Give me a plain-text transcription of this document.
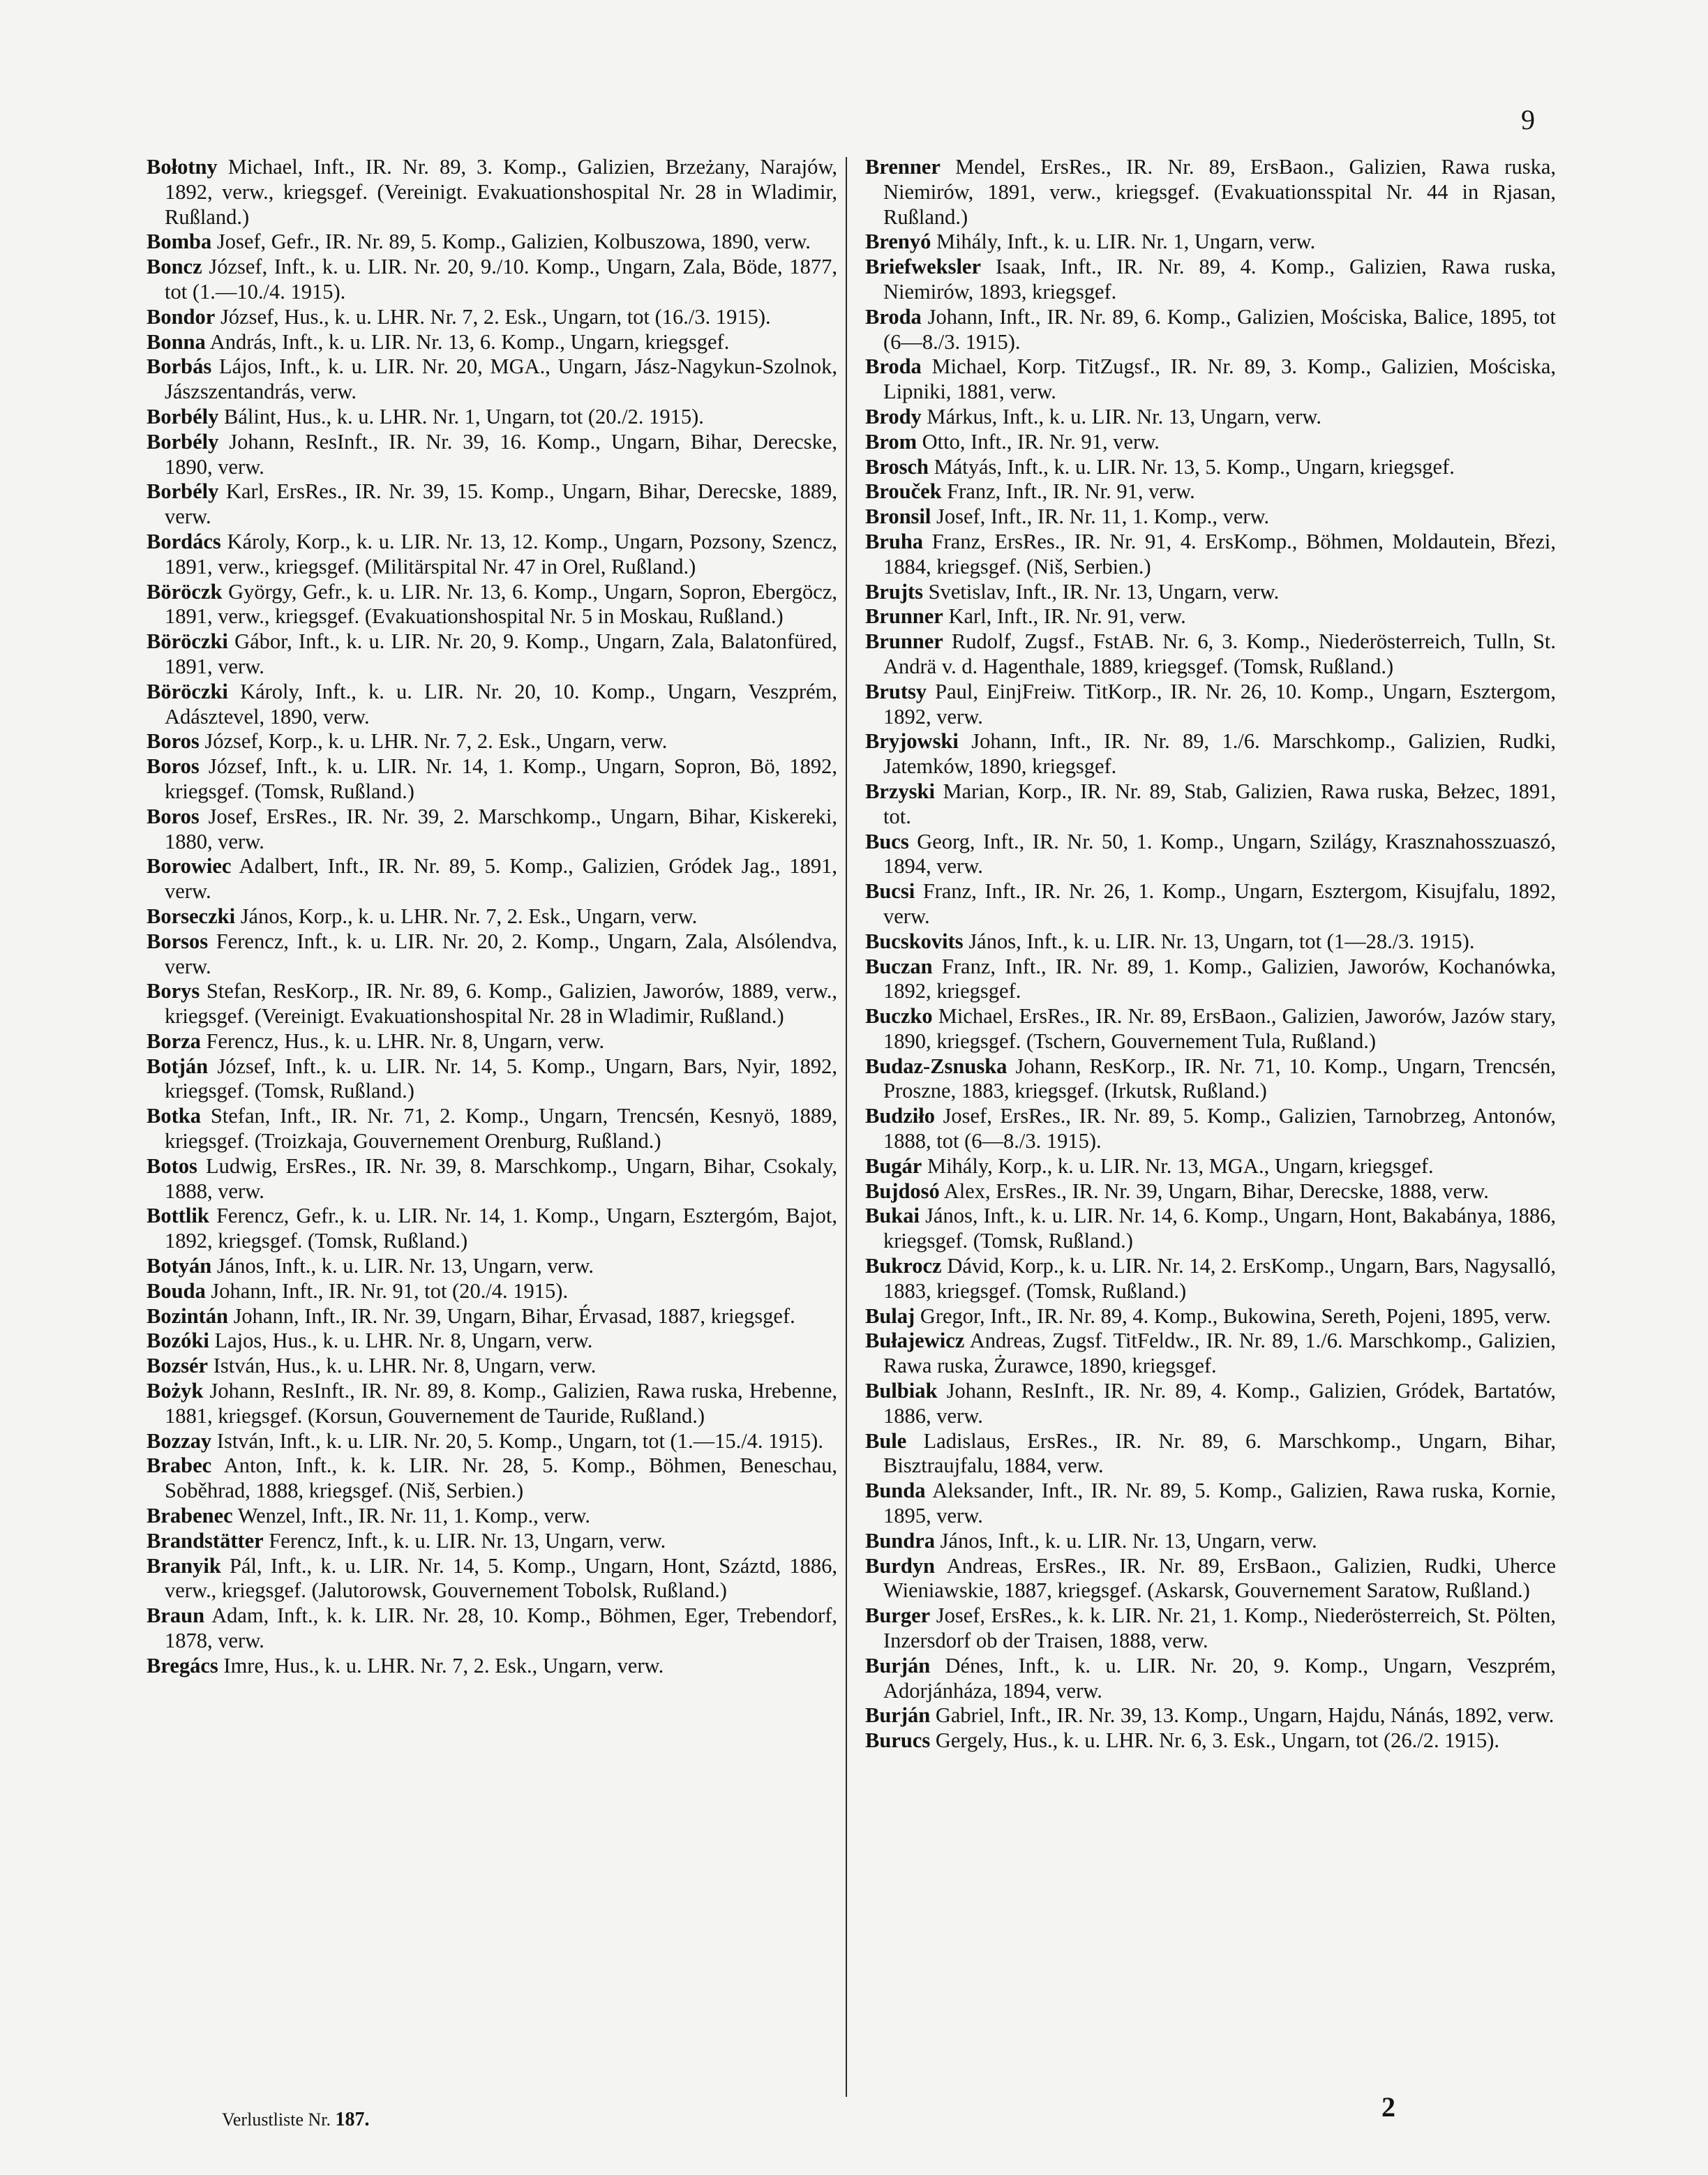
9

Bołotny Michael, Inft., IR. Nr. 89, 3. Komp., Galizien, Brzeżany, Narajów, 1892, verw., kriegsgef. (Vereinigt. Evakuationshospital Nr. 28 in Wladimir, Rußland.)

Bomba Josef, Gefr., IR. Nr. 89, 5. Komp., Galizien, Kolbuszowa, 1890, verw.

Boncz József, Inft., k. u. LIR. Nr. 20, 9./10. Komp., Ungarn, Zala, Böde, 1877, tot (1.—10./4. 1915).

Bondor József, Hus., k. u. LHR. Nr. 7, 2. Esk., Ungarn, tot (16./3. 1915).

Bonna András, Inft., k. u. LIR. Nr. 13, 6. Komp., Ungarn, kriegsgef.

Borbás Lájos, Inft., k. u. LIR. Nr. 20, MGA., Ungarn, Jász-Nagykun-Szolnok, Jászszentandrás, verw.

Borbély Bálint, Hus., k. u. LHR. Nr. 1, Ungarn, tot (20./2. 1915).

Borbély Johann, ResInft., IR. Nr. 39, 16. Komp., Ungarn, Bihar, Derecske, 1890, verw.

Borbély Karl, ErsRes., IR. Nr. 39, 15. Komp., Ungarn, Bihar, Derecske, 1889, verw.

Bordács Károly, Korp., k. u. LIR. Nr. 13, 12. Komp., Ungarn, Pozsony, Szencz, 1891, verw., kriegsgef. (Militärspital Nr. 47 in Orel, Rußland.)

Böröczk György, Gefr., k. u. LIR. Nr. 13, 6. Komp., Ungarn, Sopron, Ebergöcz, 1891, verw., kriegsgef. (Evakuationshospital Nr. 5 in Moskau, Rußland.)

Böröczki Gábor, Inft., k. u. LIR. Nr. 20, 9. Komp., Ungarn, Zala, Balatonfüred, 1891, verw.

Böröczki Károly, Inft., k. u. LIR. Nr. 20, 10. Komp., Ungarn, Veszprém, Adásztevel, 1890, verw.

Boros József, Korp., k. u. LHR. Nr. 7, 2. Esk., Ungarn, verw.

Boros József, Inft., k. u. LIR. Nr. 14, 1. Komp., Ungarn, Sopron, Bö, 1892, kriegsgef. (Tomsk, Rußland.)

Boros Josef, ErsRes., IR. Nr. 39, 2. Marschkomp., Ungarn, Bihar, Kiskereki, 1880, verw.

Borowiec Adalbert, Inft., IR. Nr. 89, 5. Komp., Galizien, Gródek Jag., 1891, verw.

Borseczki János, Korp., k. u. LHR. Nr. 7, 2. Esk., Ungarn, verw.

Borsos Ferencz, Inft., k. u. LIR. Nr. 20, 2. Komp., Ungarn, Zala, Alsólendva, verw.

Borys Stefan, ResKorp., IR. Nr. 89, 6. Komp., Galizien, Jaworów, 1889, verw., kriegsgef. (Vereinigt. Evakuationshospital Nr. 28 in Wladimir, Rußland.)

Borza Ferencz, Hus., k. u. LHR. Nr. 8, Ungarn, verw.

Botján József, Inft., k. u. LIR. Nr. 14, 5. Komp., Ungarn, Bars, Nyir, 1892, kriegsgef. (Tomsk, Rußland.)

Botka Stefan, Inft., IR. Nr. 71, 2. Komp., Ungarn, Trencsén, Kesnyö, 1889, kriegsgef. (Troizkaja, Gouvernement Orenburg, Rußland.)

Botos Ludwig, ErsRes., IR. Nr. 39, 8. Marschkomp., Ungarn, Bihar, Csokaly, 1888, verw.

Bottlik Ferencz, Gefr., k. u. LIR. Nr. 14, 1. Komp., Ungarn, Esztergóm, Bajot, 1892, kriegsgef. (Tomsk, Rußland.)

Botyán János, Inft., k. u. LIR. Nr. 13, Ungarn, verw.

Bouda Johann, Inft., IR. Nr. 91, tot (20./4. 1915).

Bozintán Johann, Inft., IR. Nr. 39, Ungarn, Bihar, Érvasad, 1887, kriegsgef.

Bozóki Lajos, Hus., k. u. LHR. Nr. 8, Ungarn, verw.

Bozsér István, Hus., k. u. LHR. Nr. 8, Ungarn, verw.

Bożyk Johann, ResInft., IR. Nr. 89, 8. Komp., Galizien, Rawa ruska, Hrebenne, 1881, kriegsgef. (Korsun, Gouvernement de Tauride, Rußland.)

Bozzay István, Inft., k. u. LIR. Nr. 20, 5. Komp., Ungarn, tot (1.—15./4. 1915).

Brabec Anton, Inft., k. k. LIR. Nr. 28, 5. Komp., Böhmen, Beneschau, Soběhrad, 1888, kriegsgef. (Niš, Serbien.)

Brabenec Wenzel, Inft., IR. Nr. 11, 1. Komp., verw.

Brandstätter Ferencz, Inft., k. u. LIR. Nr. 13, Ungarn, verw.

Branyik Pál, Inft., k. u. LIR. Nr. 14, 5. Komp., Ungarn, Hont, Száztd, 1886, verw., kriegsgef. (Jalutorowsk, Gouvernement Tobolsk, Rußland.)

Braun Adam, Inft., k. k. LIR. Nr. 28, 10. Komp., Böhmen, Eger, Trebendorf, 1878, verw.

Bregács Imre, Hus., k. u. LHR. Nr. 7, 2. Esk., Ungarn, verw.

Brenner Mendel, ErsRes., IR. Nr. 89, ErsBaon., Galizien, Rawa ruska, Niemirów, 1891, verw., kriegsgef. (Evakuationsspital Nr. 44 in Rjasan, Rußland.)

Brenyó Mihály, Inft., k. u. LIR. Nr. 1, Ungarn, verw.

Briefweksler Isaak, Inft., IR. Nr. 89, 4. Komp., Galizien, Rawa ruska, Niemirów, 1893, kriegsgef.

Broda Johann, Inft., IR. Nr. 89, 6. Komp., Galizien, Mościska, Balice, 1895, tot (6—8./3. 1915).

Broda Michael, Korp. TitZugsf., IR. Nr. 89, 3. Komp., Galizien, Mościska, Lipniki, 1881, verw.

Brody Márkus, Inft., k. u. LIR. Nr. 13, Ungarn, verw.

Brom Otto, Inft., IR. Nr. 91, verw.

Brosch Mátyás, Inft., k. u. LIR. Nr. 13, 5. Komp., Ungarn, kriegsgef.

Brouček Franz, Inft., IR. Nr. 91, verw.

Bronsil Josef, Inft., IR. Nr. 11, 1. Komp., verw.

Bruha Franz, ErsRes., IR. Nr. 91, 4. ErsKomp., Böhmen, Moldautein, Březi, 1884, kriegsgef. (Niš, Serbien.)

Brujts Svetislav, Inft., IR. Nr. 13, Ungarn, verw.

Brunner Karl, Inft., IR. Nr. 91, verw.

Brunner Rudolf, Zugsf., FstAB. Nr. 6, 3. Komp., Niederösterreich, Tulln, St. Andrä v. d. Hagenthale, 1889, kriegsgef. (Tomsk, Rußland.)

Brutsy Paul, EinjFreiw. TitKorp., IR. Nr. 26, 10. Komp., Ungarn, Esztergom, 1892, verw.

Bryjowski Johann, Inft., IR. Nr. 89, 1./6. Marschkomp., Galizien, Rudki, Jatemków, 1890, kriegsgef.

Brzyski Marian, Korp., IR. Nr. 89, Stab, Galizien, Rawa ruska, Bełzec, 1891, tot.

Bucs Georg, Inft., IR. Nr. 50, 1. Komp., Ungarn, Szilágy, Krasznahosszuaszó, 1894, verw.

Bucsi Franz, Inft., IR. Nr. 26, 1. Komp., Ungarn, Esztergom, Kisujfalu, 1892, verw.

Bucskovits János, Inft., k. u. LIR. Nr. 13, Ungarn, tot (1—28./3. 1915).

Buczan Franz, Inft., IR. Nr. 89, 1. Komp., Galizien, Jaworów, Kochanówka, 1892, kriegsgef.

Buczko Michael, ErsRes., IR. Nr. 89, ErsBaon., Galizien, Jaworów, Jazów stary, 1890, kriegsgef. (Tschern, Gouvernement Tula, Rußland.)

Budaz-Zsnuska Johann, ResKorp., IR. Nr. 71, 10. Komp., Ungarn, Trencsén, Proszne, 1883, kriegsgef. (Irkutsk, Rußland.)

Budziło Josef, ErsRes., IR. Nr. 89, 5. Komp., Galizien, Tarnobrzeg, Antonów, 1888, tot (6—8./3. 1915).

Bugár Mihály, Korp., k. u. LIR. Nr. 13, MGA., Ungarn, kriegsgef.

Bujdosó Alex, ErsRes., IR. Nr. 39, Ungarn, Bihar, Derecske, 1888, verw.

Bukai János, Inft., k. u. LIR. Nr. 14, 6. Komp., Ungarn, Hont, Bakabánya, 1886, kriegsgef. (Tomsk, Rußland.)

Bukrocz Dávid, Korp., k. u. LIR. Nr. 14, 2. ErsKomp., Ungarn, Bars, Nagysalló, 1883, kriegsgef. (Tomsk, Rußland.)

Bulaj Gregor, Inft., IR. Nr. 89, 4. Komp., Bukowina, Sereth, Pojeni, 1895, verw.

Bułajewicz Andreas, Zugsf. TitFeldw., IR. Nr. 89, 1./6. Marschkomp., Galizien, Rawa ruska, Żurawce, 1890, kriegsgef.

Bulbiak Johann, ResInft., IR. Nr. 89, 4. Komp., Galizien, Gródek, Bartatów, 1886, verw.

Bule Ladislaus, ErsRes., IR. Nr. 89, 6. Marschkomp., Ungarn, Bihar, Bisztraujfalu, 1884, verw.

Bunda Aleksander, Inft., IR. Nr. 89, 5. Komp., Galizien, Rawa ruska, Kornie, 1895, verw.

Bundra János, Inft., k. u. LIR. Nr. 13, Ungarn, verw.

Burdyn Andreas, ErsRes., IR. Nr. 89, ErsBaon., Galizien, Rudki, Uherce Wieniawskie, 1887, kriegsgef. (Askarsk, Gouvernement Saratow, Rußland.)

Burger Josef, ErsRes., k. k. LIR. Nr. 21, 1. Komp., Niederösterreich, St. Pölten, Inzersdorf ob der Traisen, 1888, verw.

Burján Dénes, Inft., k. u. LIR. Nr. 20, 9. Komp., Ungarn, Veszprém, Adorjánháza, 1894, verw.

Burján Gabriel, Inft., IR. Nr. 39, 13. Komp., Ungarn, Hajdu, Nánás, 1892, verw.

Burucs Gergely, Hus., k. u. LHR. Nr. 6, 3. Esk., Ungarn, tot (26./2. 1915).

Verlustliste Nr. 187.	2
